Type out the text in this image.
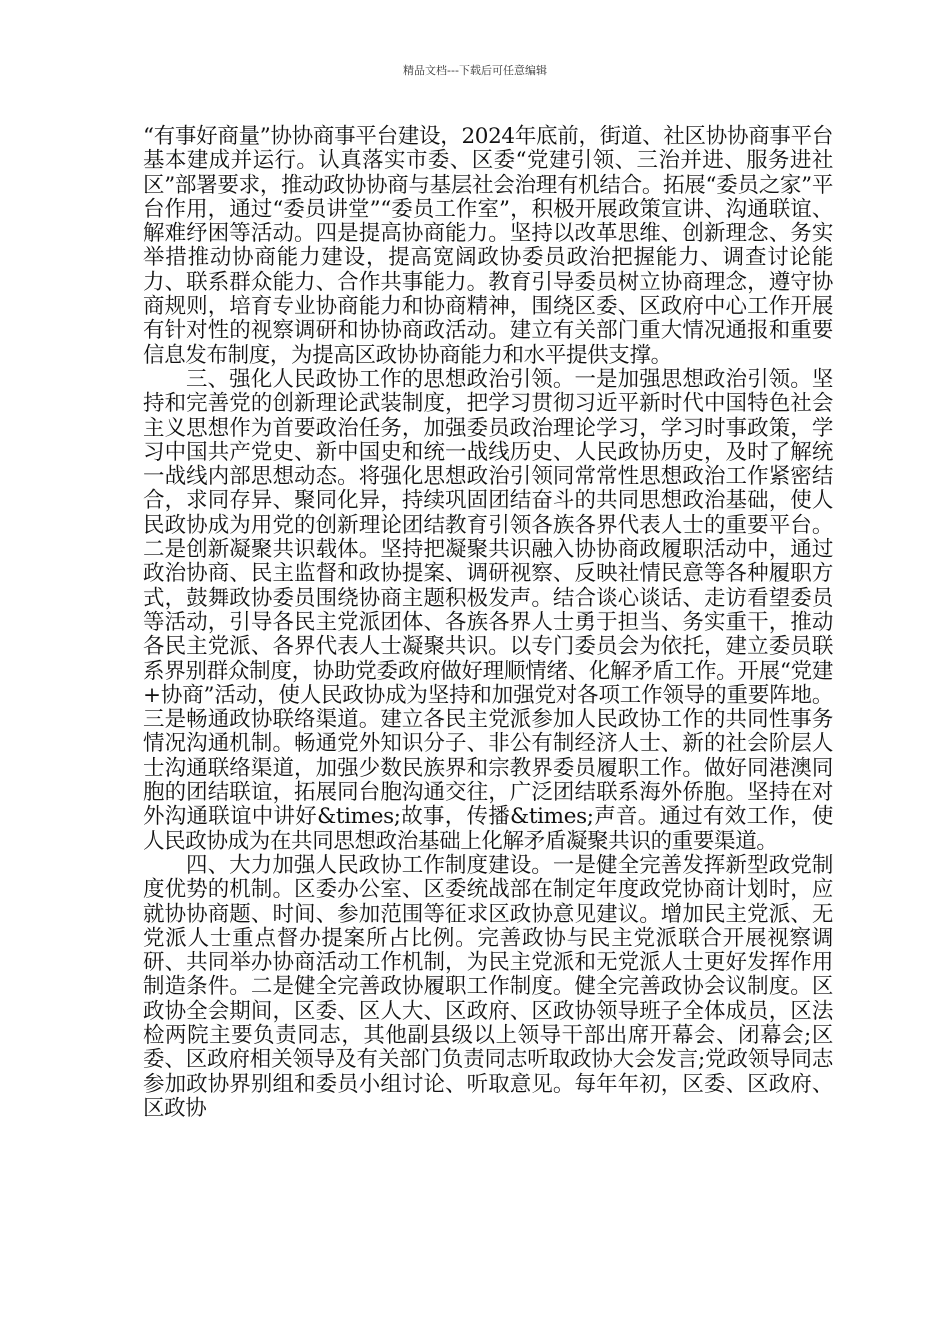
精品文档---下载后可任意编辑

“有事好商量”协协商事平台建设，2024年底前，街道、社区协协商事平台基本建成并运行。认真落实市委、区委“党建引领、三治并进、服务进社区”部署要求，推动政协协商与基层社会治理有机结合。拓展“委员之家”平台作用，通过“委员讲堂”“委员工作室”，积极开展政策宣讲、沟通联谊、解难纾困等活动。四是提高协商能力。坚持以改革思维、创新理念、务实举措推动协商能力建设，提高宽阔政协委员政治把握能力、调查讨论能力、联系群众能力、合作共事能力。教育引导委员树立协商理念，遵守协商规则，培育专业协商能力和协商精神，围绕区委、区政府中心工作开展有针对性的视察调研和协协商政活动。建立有关部门重大情况通报和重要信息发布制度，为提高区政协协商能力和水平提供支撑。

三、强化人民政协工作的思想政治引领。一是加强思想政治引领。坚持和完善党的创新理论武装制度，把学习贯彻习近平新时代中国特色社会主义思想作为首要政治任务，加强委员政治理论学习，学习时事政策，学习中国共产党史、新中国史和统一战线历史、人民政协历史，及时了解统一战线内部思想动态。将强化思想政治引领同常常性思想政治工作紧密结合，求同存异、聚同化异，持续巩固团结奋斗的共同思想政治基础，使人民政协成为用党的创新理论团结教育引领各族各界代表人士的重要平台。二是创新凝聚共识载体。坚持把凝聚共识融入协协商政履职活动中，通过政治协商、民主监督和政协提案、调研视察、反映社情民意等各种履职方式，鼓舞政协委员围绕协商主题积极发声。结合谈心谈话、走访看望委员等活动，引导各民主党派团体、各族各界人士勇于担当、务实重干，推动各民主党派、各界代表人士凝聚共识。以专门委员会为依托，建立委员联系界别群众制度，协助党委政府做好理顺情绪、化解矛盾工作。开展“党建+协商”活动，使人民政协成为坚持和加强党对各项工作领导的重要阵地。三是畅通政协联络渠道。建立各民主党派参加人民政协工作的共同性事务情况沟通机制。畅通党外知识分子、非公有制经济人士、新的社会阶层人士沟通联络渠道，加强少数民族界和宗教界委员履职工作。做好同港澳同胞的团结联谊，拓展同台胞沟通交往，广泛团结联系海外侨胞。坚持在对外沟通联谊中讲好&times;故事，传播&times;声音。通过有效工作，使人民政协成为在共同思想政治基础上化解矛盾凝聚共识的重要渠道。

四、大力加强人民政协工作制度建设。一是健全完善发挥新型政党制度优势的机制。区委办公室、区委统战部在制定年度政党协商计划时，应就协协商题、时间、参加范围等征求区政协意见建议。增加民主党派、无党派人士重点督办提案所占比例。完善政协与民主党派联合开展视察调研、共同举办协商活动工作机制，为民主党派和无党派人士更好发挥作用制造条件。二是健全完善政协履职工作制度。健全完善政协会议制度。区政协全会期间，区委、区人大、区政府、区政协领导班子全体成员，区法检两院主要负责同志，其他副县级以上领导干部出席开幕会、闭幕会;区委、区政府相关领导及有关部门负责同志听取政协大会发言;党政领导同志参加政协界别组和委员小组讨论、听取意见。每年年初，区委、区政府、区政协
